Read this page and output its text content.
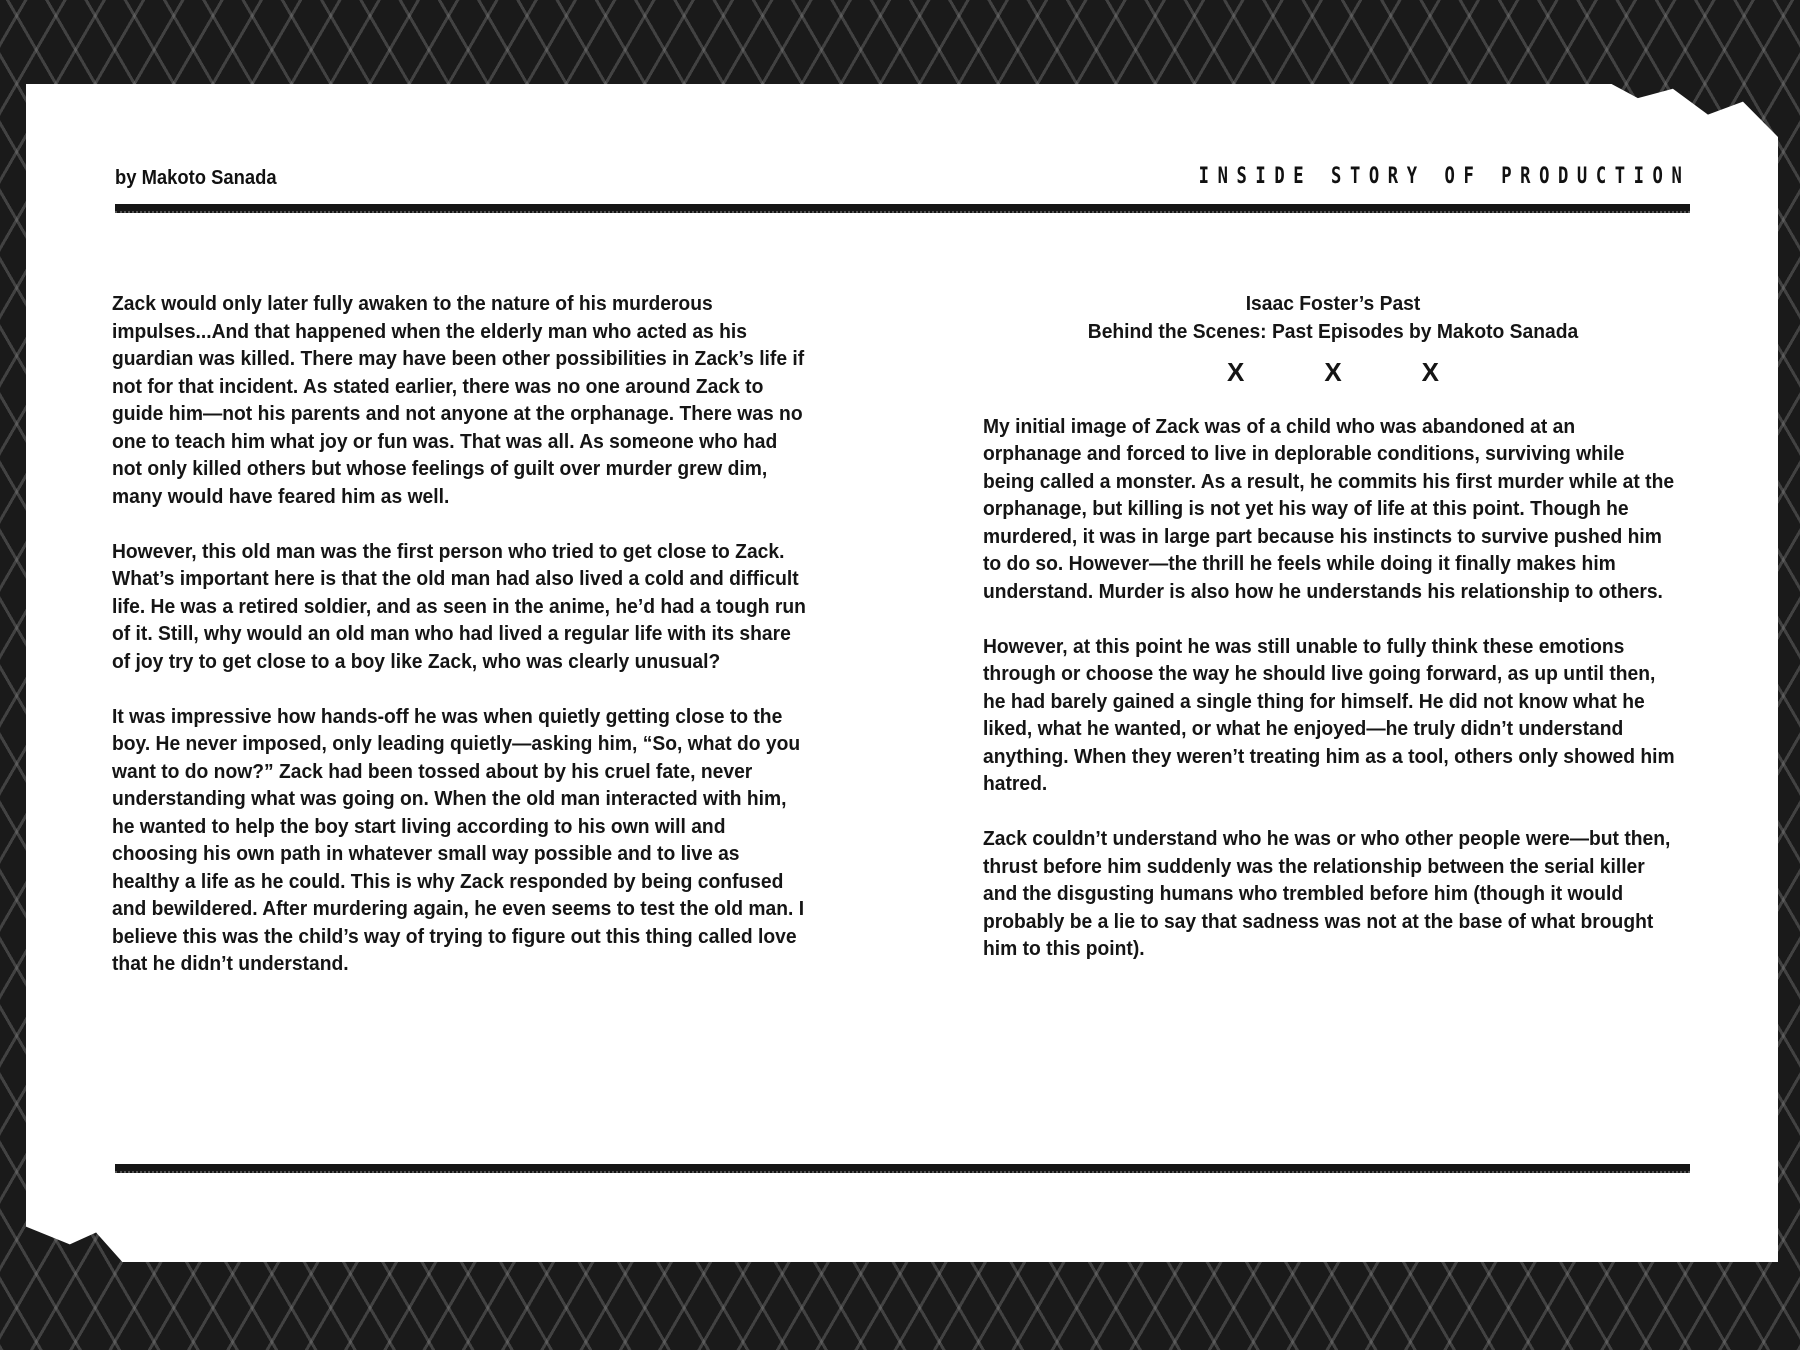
by Makoto Sanada	INSIDE STORY OF PRODUCTION

Zack would only later fully awaken to the nature of his murderous impulses...And that happened when the elderly man who acted as his guardian was killed. There may have been other possibilities in Zack’s life if not for that incident. As stated earlier, there was no one around Zack to guide him—not his parents and not anyone at the orphanage. There was no one to teach him what joy or fun was. That was all. As someone who had not only killed others but whose feelings of guilt over murder grew dim, many would have feared him as well.

However, this old man was the first person who tried to get close to Zack. What’s important here is that the old man had also lived a cold and difficult life. He was a retired soldier, and as seen in the anime, he’d had a tough run of it. Still, why would an old man who had lived a regular life with its share of joy try to get close to a boy like Zack, who was clearly unusual?

It was impressive how hands-off he was when quietly getting close to the boy. He never imposed, only leading quietly—asking him, “So, what do you want to do now?” Zack had been tossed about by his cruel fate, never understanding what was going on. When the old man interacted with him, he wanted to help the boy start living according to his own will and choosing his own path in whatever small way possible and to live as healthy a life as he could. This is why Zack responded by being confused and bewildered. After murdering again, he even seems to test the old man. I believe this was the child’s way of trying to figure out this thing called love that he didn’t understand.

Isaac Foster’s Past
Behind the Scenes: Past Episodes by Makoto Sanada
X	X	X

My initial image of Zack was of a child who was abandoned at an orphanage and forced to live in deplorable conditions, surviving while being called a monster. As a result, he commits his first murder while at the orphanage, but killing is not yet his way of life at this point. Though he murdered, it was in large part because his instincts to survive pushed him to do so. However—the thrill he feels while doing it finally makes him understand. Murder is also how he understands his relationship to others.

However, at this point he was still unable to fully think these emotions through or choose the way he should live going forward, as up until then, he had barely gained a single thing for himself. He did not know what he liked, what he wanted, or what he enjoyed—he truly didn’t understand anything. When they weren’t treating him as a tool, others only showed him hatred.

Zack couldn’t understand who he was or who other people were—but then, thrust before him suddenly was the relationship between the serial killer and the disgusting humans who trembled before him (though it would probably be a lie to say that sadness was not at the base of what brought him to this point).
